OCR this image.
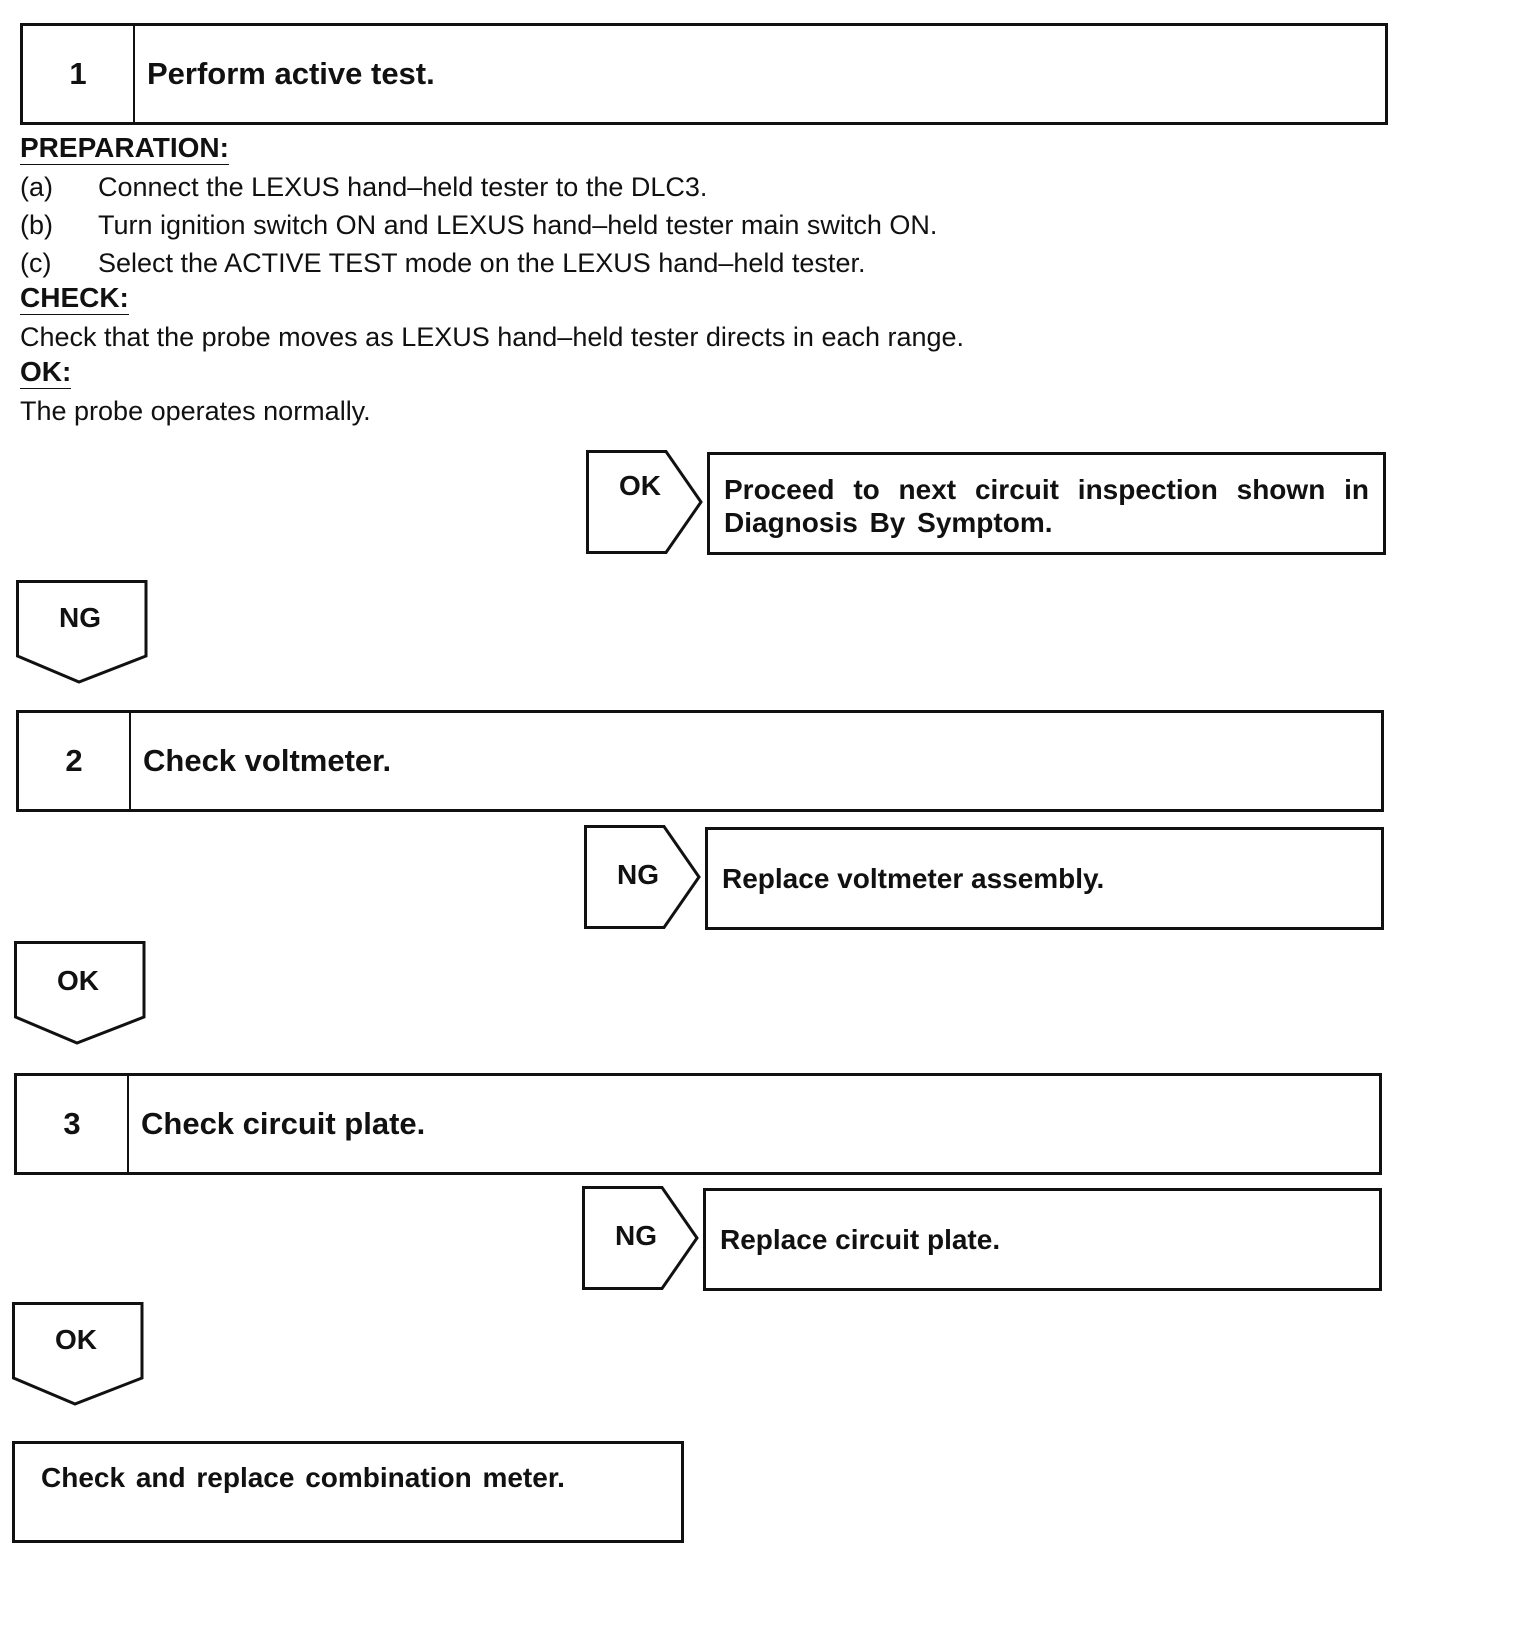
1	Perform active test.
PREPARATION:
(a) Connect the LEXUS hand–held tester to the DLC3.
(b) Turn ignition switch ON and LEXUS hand–held tester main switch ON.
(c) Select the ACTIVE TEST mode on the LEXUS hand–held tester.
CHECK:
Check that the probe moves as LEXUS hand–held tester directs in each range.
OK:
The probe operates normally.
OK	Proceed to next circuit inspection shown in Diagnosis By Symptom.
NG
2	Check voltmeter.
NG	Replace voltmeter assembly.
OK
3	Check circuit plate.
NG	Replace circuit plate.
OK
Check and replace combination meter.
